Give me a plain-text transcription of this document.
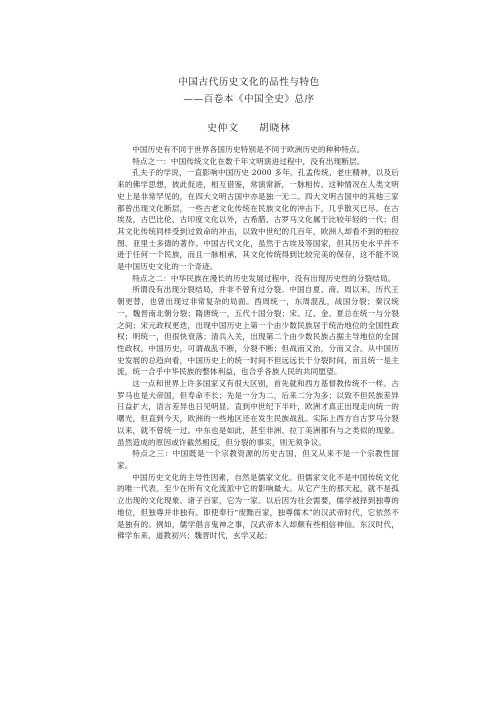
中国古代历史文化的品性与特色
——百卷本《中国全史》总序
史仲文 胡晓林

中国历史有不同于世界各国历史特别是不同于欧洲历史的种种特点。

特点之一：中国传统文化在数千年文明演进过程中，没有出现断层。

孔夫子的学说，一直影响中国历史 2000 多年。孔孟传统、老庄精神，以及后来的佛学思想，彼此促进，相互借鉴，常演常新，一脉相传。这种情况在人类文明史上是非常罕见的，在四大文明古国中亦是独一无二。四大文明古国中的其他三家都曾出现文化断层，一些古老文化传统在民族文化的冲击下，几乎散灭已尽。在古埃及，古巴比伦、古印度文化以外，古希腊、古罗马文化属于比较年轻的一代；但其文化传统同样受到过致命的冲击，以致中世纪的几百年，欧洲人却看不到的柏拉图、亚里士多德的著作。中国古代文化，虽然于古埃及等国家，但其历史水平并不逊于任何一个民族，而且一脉相承，其文化传统得到比较完美的保存，这不能不说是中国历史文化的一个奇迹。

特点之二：中华民族在漫长的历史发展过程中，没有出现历史性的分裂结局。

所谓没有出现分裂结局，并非不曾有过分裂。中国自夏、商、周以来，历代王朝更替，也曾出现过非常复杂的局面。西周统一，东周混乱，战国分裂；秦汉统一，魏晋南北朝分裂；隋唐统一，五代十国分裂；宋、辽、金、夏总在统一与分裂之间；宋元政权更迭，出现中国历史上第一个由少数民族居于统治地位的全国性政权；明统一，但很快衰落；清兵入关，出现第二个由少数民族占据主导地位的全国性政权。中国历史，可谓战乱不断，分裂不断；但战而又治，分而又合。从中国历史发展的总趋向看，中国历史上的统一时间不但远远长于分裂时间，而且统一是主流，统一合乎中华民族的整体利益，也合乎各族人民的共同愿望。

这一点和世界上许多国家又有很大区别，首先就和西方基督教传统不一样。古罗马也是大帝国，但寿命不长；先是一分为二，后来二分为多；以致不但民族差异日益扩大，语言差异也日见明显。直到中世纪下半叶，欧洲才真正出现走向统一的曙光，但直到今天，欧洲的一些地区还在发生民族战乱。实际上西方自古罗马分裂以来，就不曾统一过。中东也是如此，甚至非洲、拉丁美洲都有与之类似的现象。虽然造成的原因或许截然相反，但分裂的事实，则无须争议。

特点之三：中国既是一个宗教资源的历史古国，但又从来不是一个宗教性国家。

中国历史文化的主导性因素，自然是儒家文化。但儒家文化不是中国传统文化的唯一代表。至少在所有文化流派中它的影响最大。从它产生的那天起，就不是孤立出现的文化现象。诸子百家，它为一家。以后因为社会需要，儒学被择到独尊的地位，但独尊并非独有。即使奉行“废黜百家，独尊儒术”的汉武帝时代，它依然不是独有的。例如，儒学倡言鬼神之事，汉武帝本人却颇有些相信神仙。东汉时代，佛学东来，道教初兴；魏晋时代，玄学又起；
